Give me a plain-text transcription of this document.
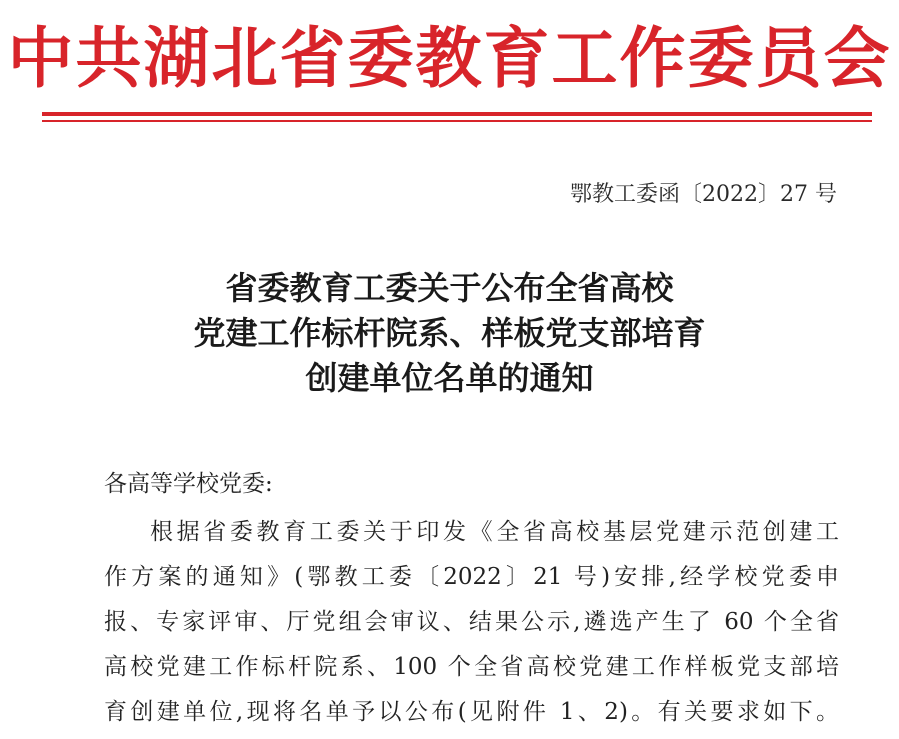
中共湖北省委教育工作委员会
鄂教工委函〔2022〕27 号
省委教育工委关于公布全省高校
党建工作标杆院系、样板党支部培育
创建单位名单的通知
各高等学校党委:
根据省委教育工委关于印发《全省高校基层党建示范创建工
作方案的通知》(鄂教工委〔2022〕21 号)安排,经学校党委申
报、专家评审、厅党组会审议、结果公示,遴选产生了 60 个全省
高校党建工作标杆院系、100 个全省高校党建工作样板党支部培
育创建单位,现将名单予以公布(见附件 1、2)。有关要求如下。
